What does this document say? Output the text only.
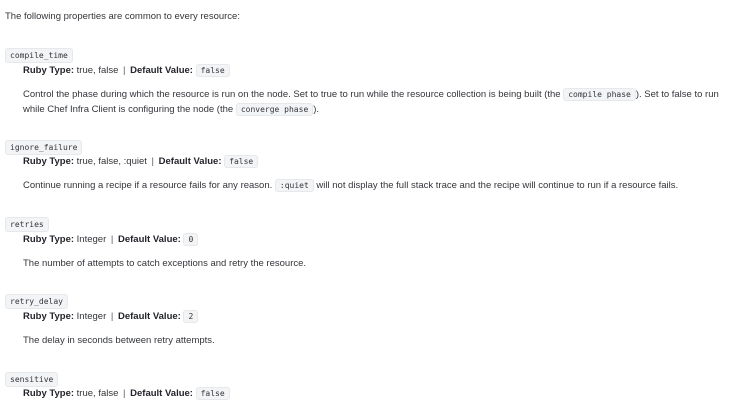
The following properties are common to every resource:
compile_time
Ruby Type: true, false | Default Value: false
Control the phase during which the resource is run on the node. Set to true to run while the resource collection is being built (the compile phase ). Set to false to run while Chef Infra Client is configuring the node (the converge phase ).
ignore_failure
Ruby Type: true, false, :quiet | Default Value: false
Continue running a recipe if a resource fails for any reason. :quiet will not display the full stack trace and the recipe will continue to run if a resource fails.
retries
Ruby Type: Integer | Default Value: 0
The number of attempts to catch exceptions and retry the resource.
retry_delay
Ruby Type: Integer | Default Value: 2
The delay in seconds between retry attempts.
sensitive
Ruby Type: true, false | Default Value: false
